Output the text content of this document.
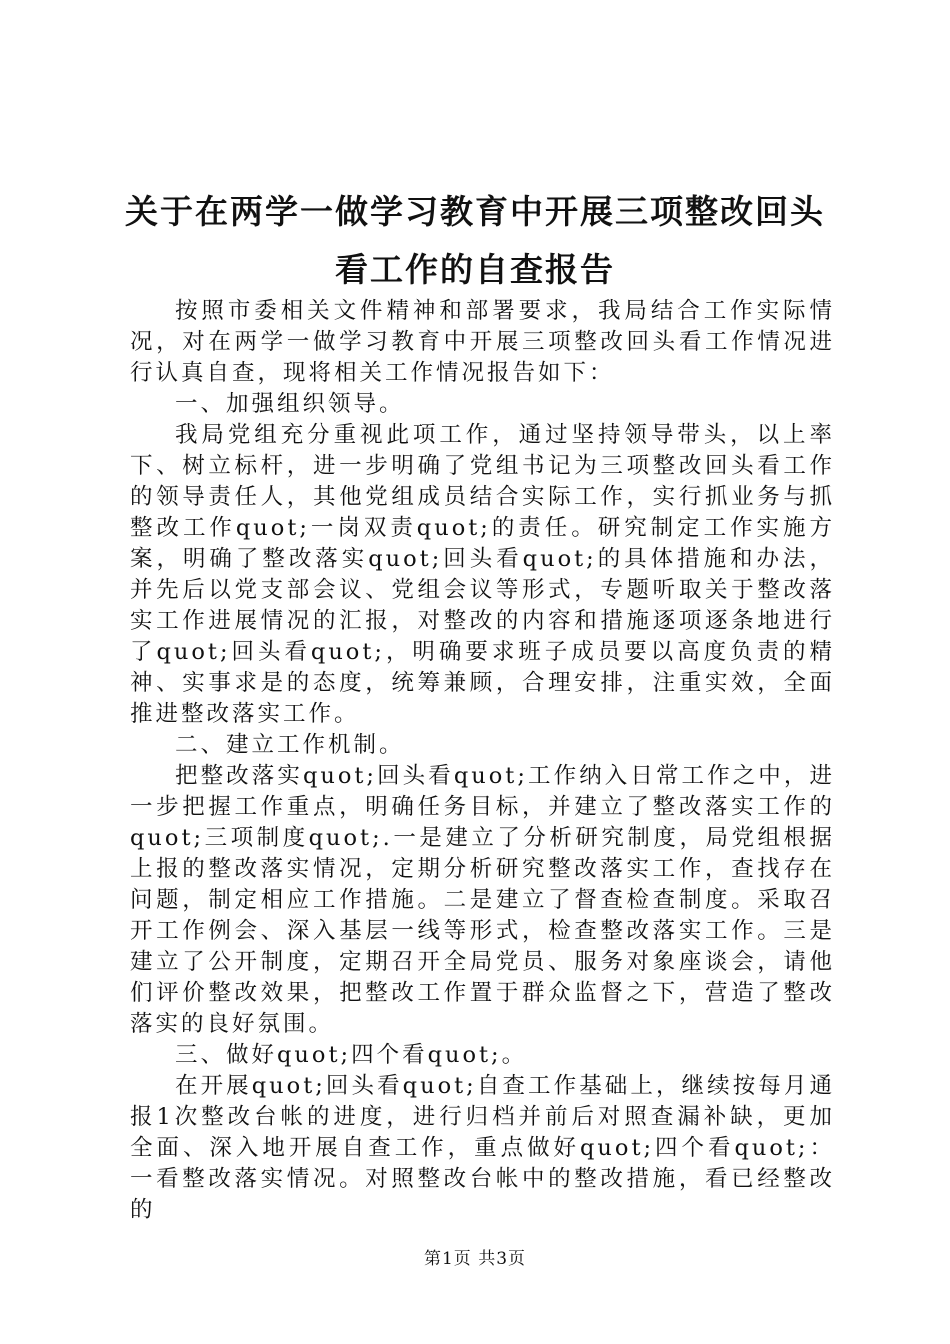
关于在两学一做学习教育中开展三项整改回头看工作的自查报告

按照市委相关文件精神和部署要求，我局结合工作实际情况，对在两学一做学习教育中开展三项整改回头看工作情况进行认真自查，现将相关工作情况报告如下：

一、加强组织领导。

我局党组充分重视此项工作，通过坚持领导带头，以上率下、树立标杆，进一步明确了党组书记为三项整改回头看工作的领导责任人，其他党组成员结合实际工作，实行抓业务与抓整改工作quot;一岗双责quot;的责任。研究制定工作实施方案，明确了整改落实quot;回头看quot;的具体措施和办法，并先后以党支部会议、党组会议等形式，专题听取关于整改落实工作进展情况的汇报，对整改的内容和措施逐项逐条地进行了quot;回头看quot;，明确要求班子成员要以高度负责的精神、实事求是的态度，统筹兼顾，合理安排，注重实效，全面推进整改落实工作。

二、建立工作机制。

把整改落实quot;回头看quot;工作纳入日常工作之中，进一步把握工作重点，明确任务目标，并建立了整改落实工作的quot;三项制度quot;.一是建立了分析研究制度，局党组根据上报的整改落实情况，定期分析研究整改落实工作，查找存在问题，制定相应工作措施。二是建立了督查检查制度。采取召开工作例会、深入基层一线等形式，检查整改落实工作。三是建立了公开制度，定期召开全局党员、服务对象座谈会，请他们评价整改效果，把整改工作置于群众监督之下，营造了整改落实的良好氛围。

三、做好quot;四个看quot;。

在开展quot;回头看quot;自查工作基础上，继续按每月通报1次整改台帐的进度，进行归档并前后对照查漏补缺，更加全面、深入地开展自查工作，重点做好quot;四个看quot;：一看整改落实情况。对照整改台帐中的整改措施，看已经整改的

第1页 共3页
